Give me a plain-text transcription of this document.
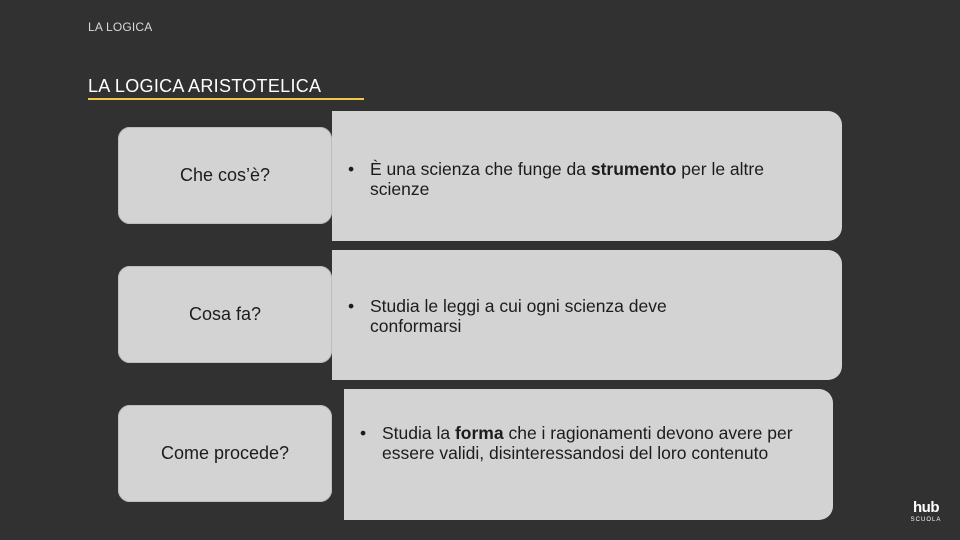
LA LOGICA
LA LOGICA ARISTOTELICA
Che cos’è?	• È una scienza che funge da strumento per le altre scienze
Cosa fa?	• Studia le leggi a cui ogni scienza deve conformarsi
Come procede?
• Studia la forma che i ragionamenti devono avere per essere validi, disinteressandosi del loro contenuto
hub
SCUOLA
